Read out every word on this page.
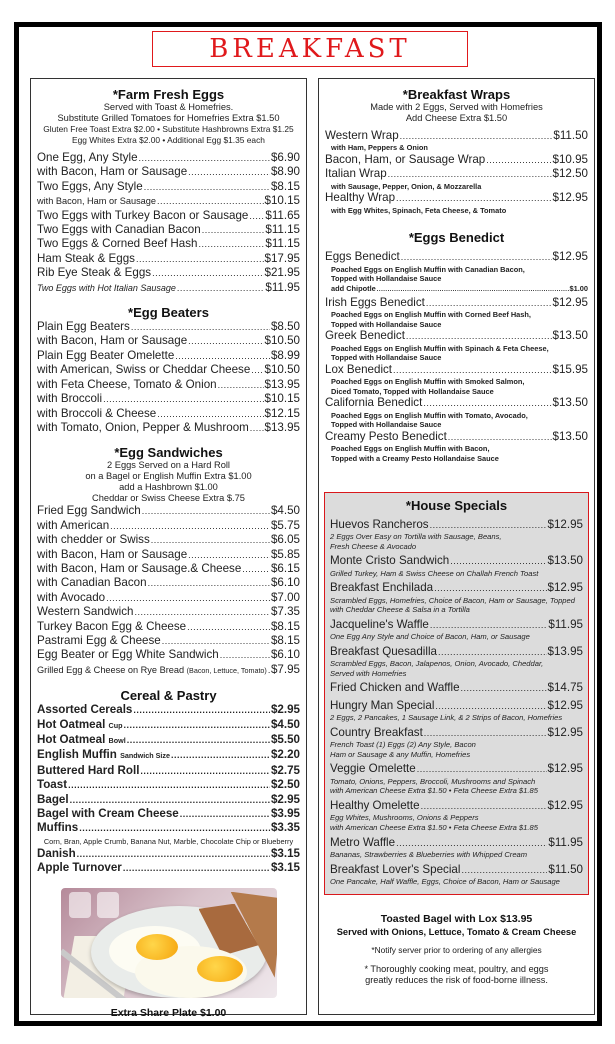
BREAKFAST
*Farm Fresh Eggs
Served with Toast & Homefries.
Substitute Grilled Tomatoes for Homefries Extra $1.50
Gluten Free Toast Extra $2.00 • Substitute Hashbrowns Extra $1.25
Egg Whites Extra $2.00 • Additional Egg $1.35 each
One Egg, Any Style .....	$6.90
with Bacon, Ham or Sausage .....	$8.90
Two Eggs, Any Style .....	$8.15
with Bacon, Ham or Sausage .....	$10.15
Two Eggs with Turkey Bacon or Sausage ..... $11.65
Two Eggs with Canadian Bacon .....	$11.15
Two Eggs & Corned Beef Hash .....	$11.15
Ham Steak & Eggs .....	$17.95
Rib Eye Steak & Eggs .....	$21.95
Two Eggs with Hot Italian Sausage .....	$11.95
*Egg Beaters
Plain Egg Beaters .....	$8.50
with Bacon, Ham or Sausage .....	$10.50
Plain Egg Beater Omelette .....	$8.99
with American, Swiss or Cheddar Cheese ..... $10.50
with Feta Cheese, Tomato & Onion .....	$13.95
with Broccoli .....	$10.15
with Broccoli & Cheese .....	$12.15
with Tomato, Onion, Pepper & Mushroom ..... $13.95
*Egg Sandwiches
2 Eggs Served on a Hard Roll
on a Bagel or English Muffin Extra $1.00
add a Hashbrown $1.00
Cheddar or Swiss Cheese Extra $.75
Fried Egg Sandwich .....	$4.50
with American .....	$5.75
with chedder or Swiss .....	$6.05
with Bacon, Ham or Sausage .....	$5.85
with Bacon, Ham or Sausage.& Cheese .....	$6.15
with Canadian Bacon .....	$6.10
with Avocado .....	$7.00
Western Sandwich .....	$7.35
Turkey Bacon Egg & Cheese .....	$8.15
Pastrami Egg & Cheese .....	$8.15
Egg Beater or Egg White Sandwich .....	$6.10
Grilled Egg & Cheese on Rye Bread (Bacon, Lettuce, Tomato) ..... $7.95
Cereal & Pastry
Assorted Cereals .....	$2.95
Hot Oatmeal Cup .....	$4.50
Hot Oatmeal Bowl .....	$5.50
English Muffin Sandwich Size .....	$2.20
Buttered Hard Roll .....	$2.75
Toast .....	$2.50
Bagel .....	$2.95
Bagel with Cream Cheese .....	$3.95
Muffins .....	$3.35
Corn, Bran, Apple Crumb, Banana Nut, Marble, Chocolate Chip or Blueberry
Danish .....	$3.15
Apple Turnover .....	$3.15
Extra Share Plate $1.00
*Breakfast Wraps
Made with 2 Eggs, Served with Homefries
Add Cheese Extra $1.50
Western Wrap .....	$11.50
with Ham, Peppers & Onion
Bacon, Ham, or Sausage Wrap .....	$10.95
Italian Wrap .....	$12.50
with Sausage, Pepper, Onion, & Mozzarella
Healthy Wrap .....	$12.95
with Egg Whites, Spinach, Feta Cheese, & Tomato
*Eggs Benedict
Eggs Benedict .....	$12.95
Poached Eggs on English Muffin with Canadian Bacon,
Topped with Hollandaise Sauce
add Chipotle .....	$1.00
Irish Eggs Benedict .....	$12.95
Poached Eggs on English Muffin with Corned Beef Hash,
Topped with Hollandaise Sauce
Greek Benedict .....	$13.50
Poached Eggs on English Muffin with Spinach & Feta Cheese,
Topped with Hollandaise Sauce
Lox Benedict .....	$15.95
Poached Eggs on English Muffin with Smoked Salmon,
Diced Tomato, Topped with Hollandaise Sauce
California Benedict .....	$13.50
Poached Eggs on English Muffin with Tomato, Avocado,
Topped with Hollandaise Sauce
Creamy Pesto Benedict .....	$13.50
Poached Eggs on English Muffin with Bacon,
Topped with a Creamy Pesto Hollandaise Sauce
*House Specials
Huevos Rancheros .....	$12.95
2 Eggs Over Easy on Tortilla with Sausage, Beans,
Fresh Cheese & Avocado
Monte Cristo Sandwich .....	$13.50
Grilled Turkey, Ham & Swiss Cheese on Challah French Toast
Breakfast Enchilada .....	$12.95
Scrambled Eggs, Homefries, Choice of Bacon, Ham or Sausage, Topped
with Cheddar Cheese & Salsa in a Tortilla
Jacqueline's Waffle .....	$11.95
One Egg Any Style and Choice of Bacon, Ham, or Sausage
Breakfast Quesadilla .....	$13.95
Scrambled Eggs, Bacon, Jalapenos, Onion, Avocado, Cheddar,
Served with Homefries
Fried Chicken and Waffle .....	$14.75
Hungry Man Special .....	$12.95
2 Eggs, 2 Pancakes, 1 Sausage Link, & 2 Strips of Bacon, Homefries
Country Breakfast .....	$12.95
French Toast (1) Eggs (2) Any Style, Bacon
Ham or Sausage & any Muffin, Homefries
Veggie Omelette .....	$12.95
Tomato, Onions, Peppers, Broccoli, Mushrooms and Spinach
with American Cheese Extra $1.50 • Feta Cheese Extra $1.85
Healthy Omelette .....	$12.95
Egg Whites, Mushrooms, Onions & Peppers
with American Cheese Extra $1.50 • Feta Cheese Extra $1.85
Metro Waffle .....	$11.95
Bananas, Strawberries & Blueberries with Whipped Cream
Breakfast Lover's Special .....	$11.50
One Pancake, Half Waffle, Eggs, Choice of Bacon, Ham or Sausage
Toasted Bagel with Lox $13.95
Served with Onions, Lettuce, Tomato & Cream Cheese
*Notify server prior to ordering of any allergies
* Thoroughly cooking meat, poultry, and eggs
greatly reduces the risk of food-borne illness.
